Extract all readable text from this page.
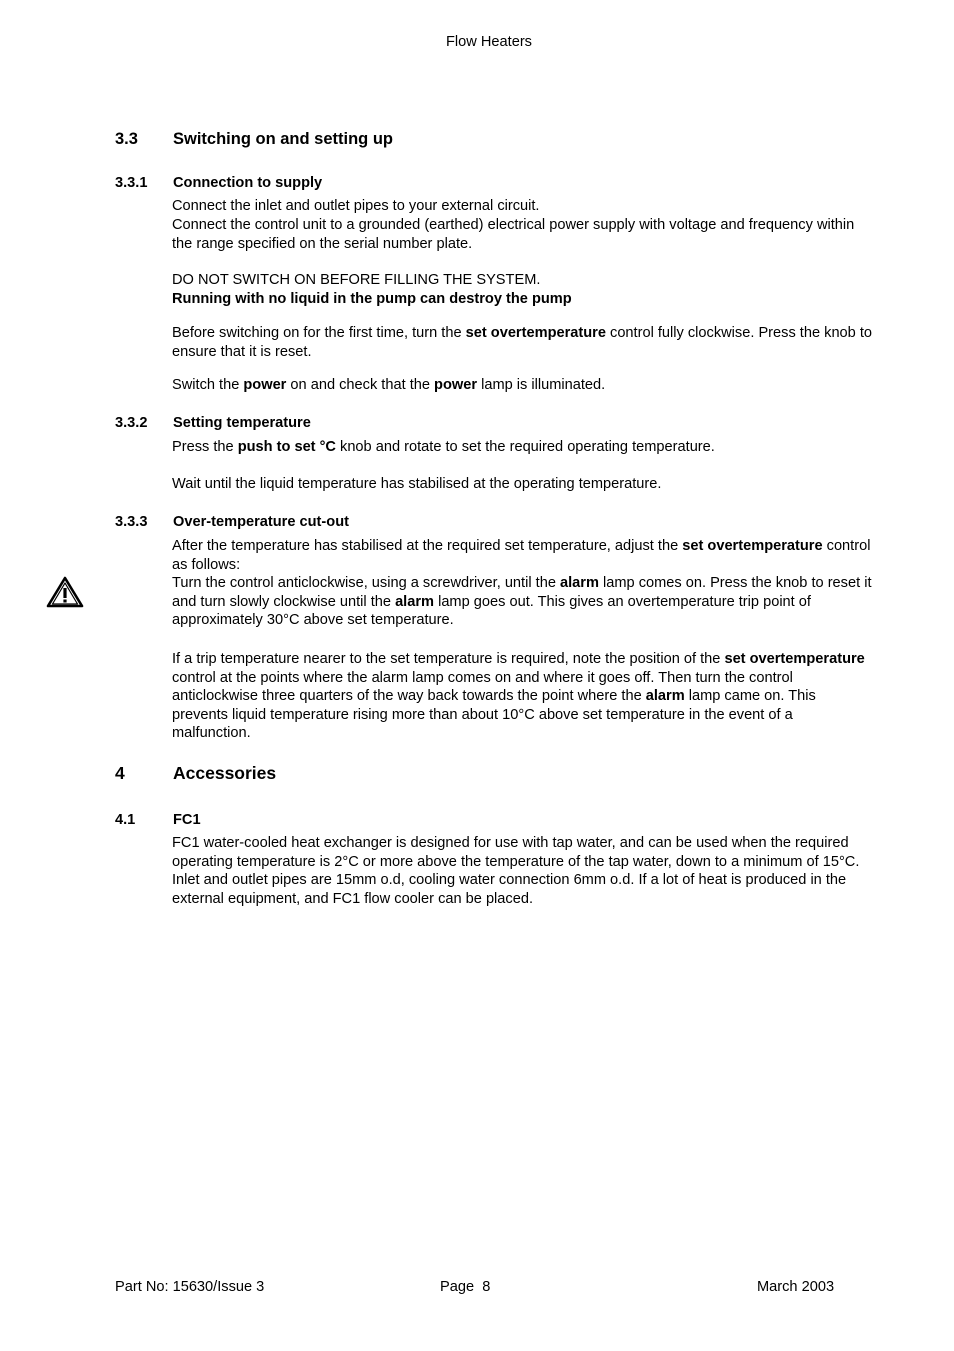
Flow Heaters
3.3 Switching on and setting up
3.3.1 Connection to supply
Connect the inlet and outlet pipes to your external circuit.
Connect the control unit to a grounded (earthed) electrical power supply with voltage and frequency within the range specified on the serial number plate.
DO NOT SWITCH ON BEFORE FILLING THE SYSTEM.
Running with no liquid in the pump can destroy the pump
Before switching on for the first time, turn the set overtemperature control fully clockwise. Press the knob to ensure that it is reset.
Switch the power on and check that the power lamp is illuminated.
3.3.2 Setting temperature
Press the push to set °C knob and rotate to set the required operating temperature.
Wait until the liquid temperature has stabilised at the operating temperature.
3.3.3 Over-temperature cut-out
After the temperature has stabilised at the required set temperature, adjust the set overtemperature control as follows:
Turn the control anticlockwise, using a screwdriver, until the alarm lamp comes on. Press the knob to reset it and turn slowly clockwise until the alarm lamp goes out. This gives an overtemperature trip point of approximately 30°C above set temperature.
If a trip temperature nearer to the set temperature is required, note the position of the set overtemperature control at the points where the alarm lamp comes on and where it goes off. Then turn the control anticlockwise three quarters of the way back towards the point where the alarm lamp came on. This prevents liquid temperature rising more than about 10°C above set temperature in the event of a malfunction.
4	Accessories
4.1	FC1
FC1 water-cooled heat exchanger is designed for use with tap water, and can be used when the required operating temperature is 2°C or more above the temperature of the tap water, down to a minimum of 15°C. Inlet and outlet pipes are 15mm o.d, cooling water connection 6mm o.d. If a lot of heat is produced in the external equipment, and FC1 flow cooler can be placed.
Part No: 15630/Issue 3	Page 8	March 2003
